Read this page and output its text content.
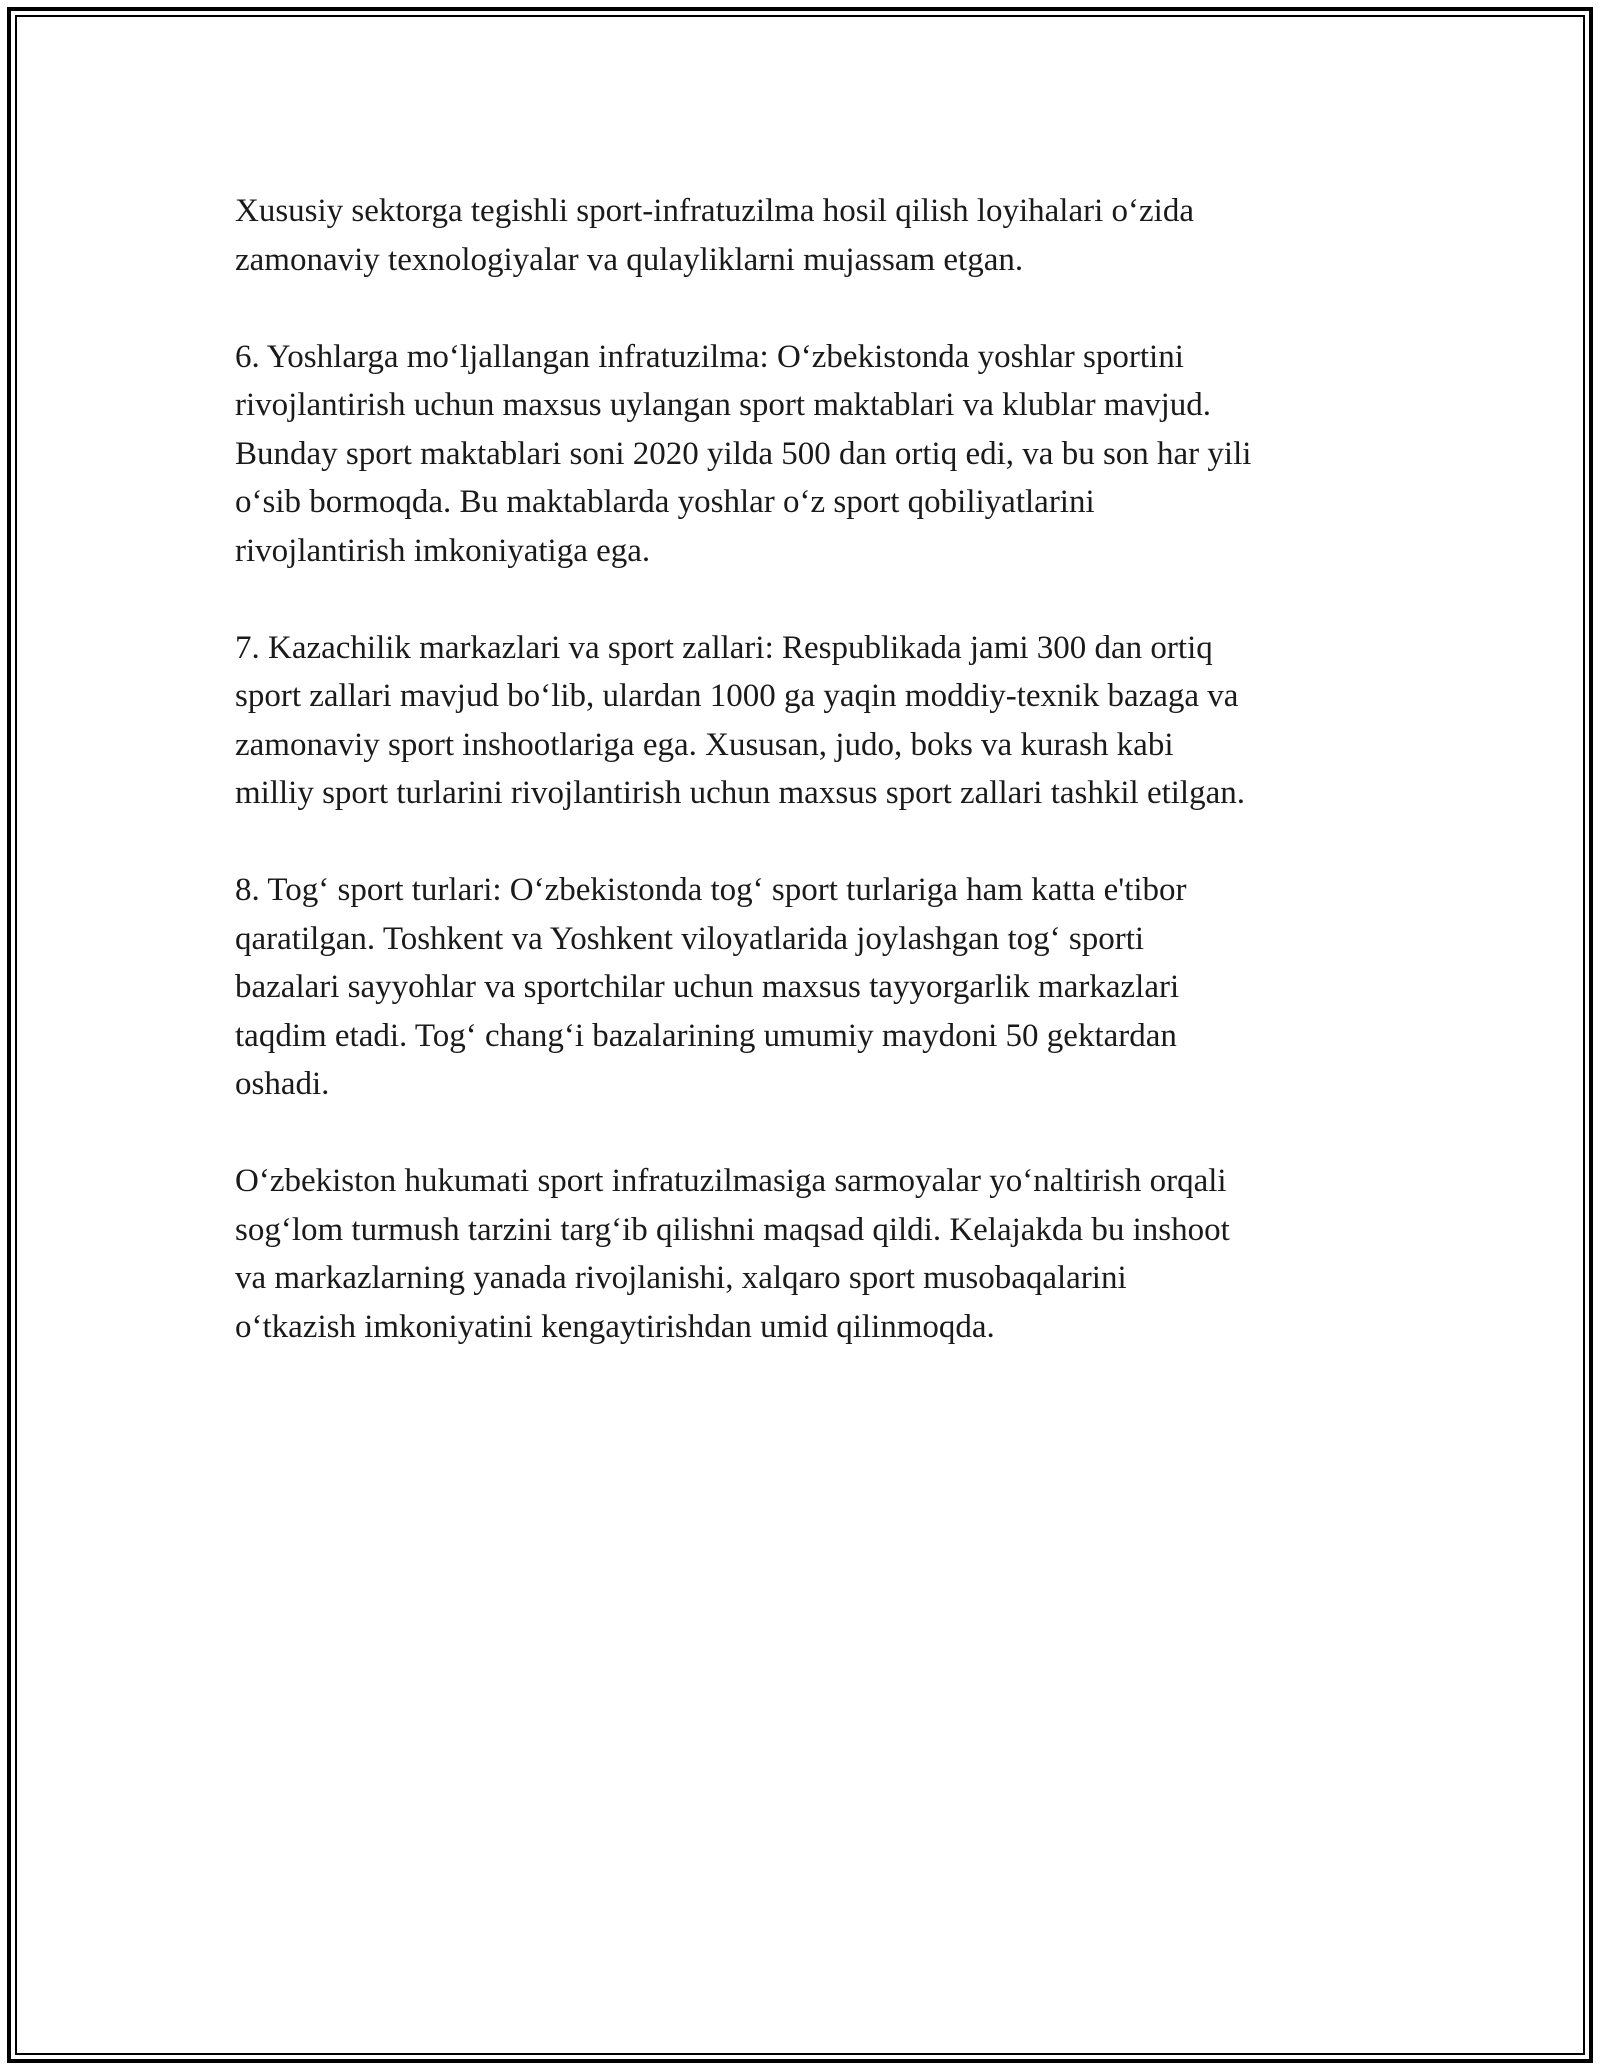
Xususiy sektorga tegishli sport-infratuzilma hosil qilish loyihalari o‘zida
zamonaviy texnologiyalar va qulayliklarni mujassam etgan.

6. Yoshlarga mo‘ljallangan infratuzilma: O‘zbekistonda yoshlar sportini
rivojlantirish uchun maxsus uylangan sport maktablari va klublar mavjud.
Bunday sport maktablari soni 2020 yilda 500 dan ortiq edi, va bu son har yili
o‘sib bormoqda. Bu maktablarda yoshlar o‘z sport qobiliyatlarini
rivojlantirish imkoniyatiga ega.

7. Kazachilik markazlari va sport zallari: Respublikada jami 300 dan ortiq
sport zallari mavjud bo‘lib, ulardan 1000 ga yaqin moddiy-texnik bazaga va
zamonaviy sport inshootlariga ega. Xususan, judo, boks va kurash kabi
milliy sport turlarini rivojlantirish uchun maxsus sport zallari tashkil etilgan.

8. Tog‘ sport turlari: O‘zbekistonda tog‘ sport turlariga ham katta e'tibor
qaratilgan. Toshkent va Yoshkent viloyatlarida joylashgan tog‘ sporti
bazalari sayyohlar va sportchilar uchun maxsus tayyorgarlik markazlari
taqdim etadi. Tog‘ chang‘i bazalarining umumiy maydoni 50 gektardan
oshadi.

O‘zbekiston hukumati sport infratuzilmasiga sarmoyalar yo‘naltirish orqali
sog‘lom turmush tarzini targ‘ib qilishni maqsad qildi. Kelajakda bu inshoot
va markazlarning yanada rivojlanishi, xalqaro sport musobaqalarini
o‘tkazish imkoniyatini kengaytirishdan umid qilinmoqda.
